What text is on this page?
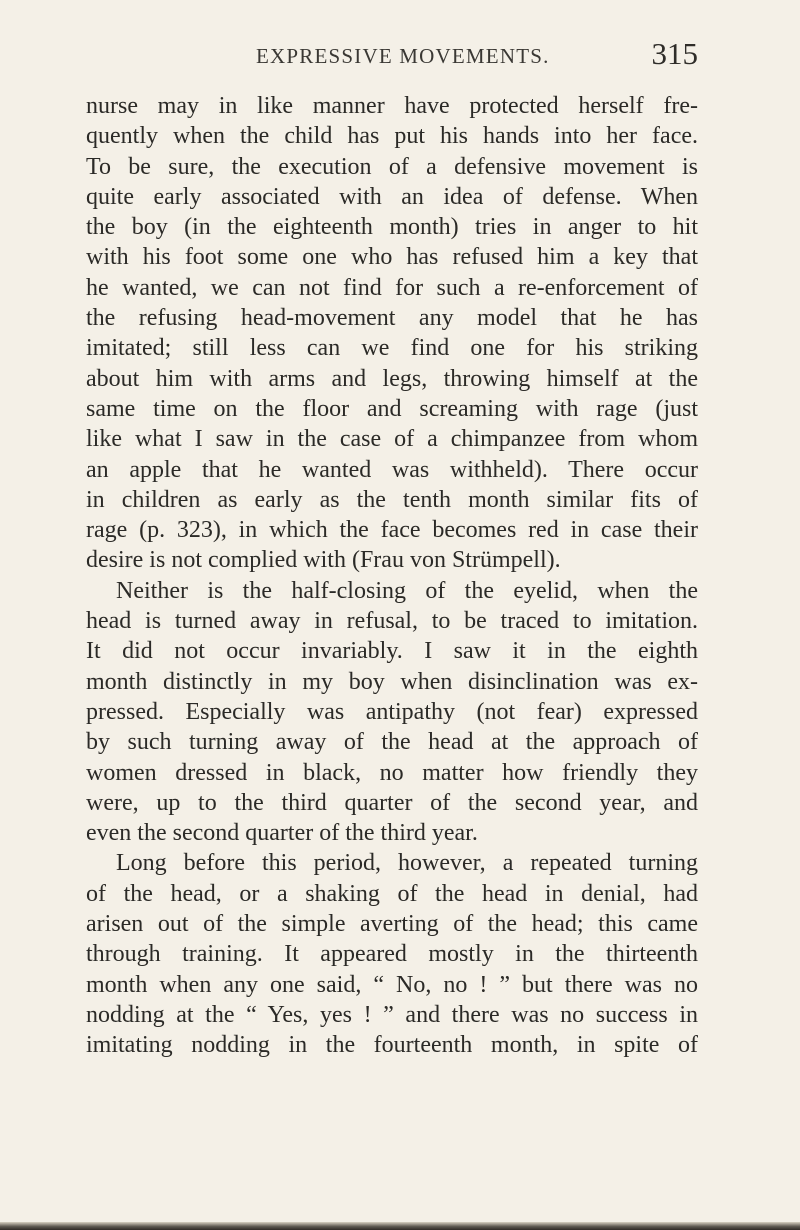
EXPRESSIVE MOVEMENTS.	315
nurse may in like manner have protected herself fre-
quently when the child has put his hands into her face.
To be sure, the execution of a defensive movement is
quite early associated with an idea of defense. When
the boy (in the eighteenth month) tries in anger to hit
with his foot some one who has refused him a key that
he wanted, we can not find for such a re-enforcement of
the refusing head-movement any model that he has
imitated; still less can we find one for his striking
about him with arms and legs, throwing himself at the
same time on the floor and screaming with rage (just
like what I saw in the case of a chimpanzee from whom
an apple that he wanted was withheld). There occur
in children as early as the tenth month similar fits of
rage (p. 323), in which the face becomes red in case their
desire is not complied with (Frau von Strümpell).
Neither is the half-closing of the eyelid, when the
head is turned away in refusal, to be traced to imitation.
It did not occur invariably. I saw it in the eighth
month distinctly in my boy when disinclination was ex-
pressed. Especially was antipathy (not fear) expressed
by such turning away of the head at the approach of
women dressed in black, no matter how friendly they
were, up to the third quarter of the second year, and
even the second quarter of the third year.
Long before this period, however, a repeated turning
of the head, or a shaking of the head in denial, had
arisen out of the simple averting of the head; this came
through training. It appeared mostly in the thirteenth
month when any one said, “ No, no ! ” but there was no
nodding at the “ Yes, yes ! ” and there was no success in
imitating nodding in the fourteenth month, in spite of
